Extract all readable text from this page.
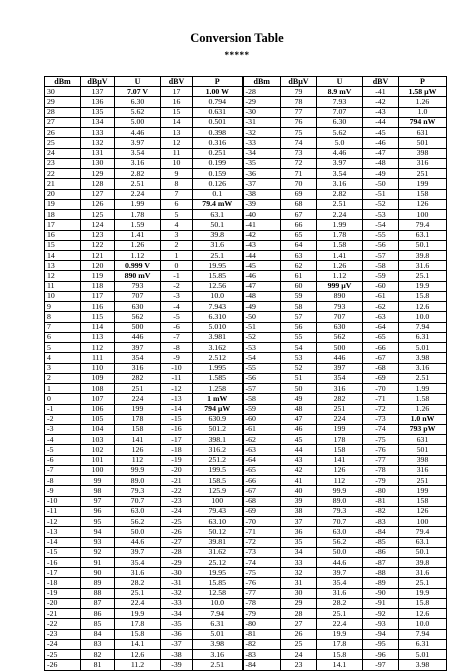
Conversion Table
*****
dBm	dBµV	U	dBV	P	dBm	dBµV	U	dBV	P
30	137	7.07 V	17	1.00 W	-28	79	8.9 mV	-41	1.58 µW
29	136	6.30	16	0.794	-29	78	7.93	-42	1.26
28	135	5.62	15	0.631	-30	77	7.07	-43	1.0
27	134	5.00	14	0.501	-31	76	6.30	-44	794 nW
26	133	4.46	13	0.398	-32	75	5.62	-45	631
25	132	3.97	12	0.316	-33	74	5.0	-46	501
24	131	3.54	11	0.251	-34	73	4.46	-47	398
23	130	3.16	10	0.199	-35	72	3.97	-48	316
22	129	2.82	9	0.159	-36	71	3.54	-49	251
21	128	2.51	8	0.126	-37	70	3.16	-50	199
20	127	2.24	7	0.1	-38	69	2.82	-51	158
19	126	1.99	6	79.4 mW	-39	68	2.51	-52	126
18	125	1.78	5	63.1	-40	67	2.24	-53	100
17	124	1.59	4	50.1	-41	66	1.99	-54	79.4
16	123	1.41	3	39.8	-42	65	1.78	-55	63.1
15	122	1.26	2	31.6	-43	64	1.58	-56	50.1
14	121	1.12	1	25.1	-44	63	1.41	-57	39.8
13	120	0.999 V	0	19.95	-45	62	1.26	-58	31.6
12	119	890 mV	-1	15.85	-46	61	1.12	-59	25.1
11	118	793	-2	12.56	-47	60	999 µV	-60	19.9
10	117	707	-3	10.0	-48	59	890	-61	15.8
9	116	630	-4	7.943	-49	58	793	-62	12.6
8	115	562	-5	6.310	-50	57	707	-63	10.0
7	114	500	-6	5.010	-51	56	630	-64	7.94
6	113	446	-7	3.981	-52	55	562	-65	6.31
5	112	397	-8	3.162	-53	54	500	-66	5.01
4	111	354	-9	2.512	-54	53	446	-67	3.98
3	110	316	-10	1.995	-55	52	397	-68	3.16
2	109	282	-11	1.585	-56	51	354	-69	2.51
1	108	251	-12	1.258	-57	50	316	-70	1.99
0	107	224	-13	1 mW	-58	49	282	-71	1.58
-1	106	199	-14	794 µW	-59	48	251	-72	1.26
-2	105	178	-15	630.9	-60	47	224	-73	1.0 nW
-3	104	158	-16	501.2	-61	46	199	-74	793 pW
-4	103	141	-17	398.1	-62	45	178	-75	631
-5	102	126	-18	316.2	-63	44	158	-76	501
-6	101	112	-19	251.2	-64	43	141	-77	398
-7	100	99.9	-20	199.5	-65	42	126	-78	316
-8	99	89.0	-21	158.5	-66	41	112	-79	251
-9	98	79.3	-22	125.9	-67	40	99.9	-80	199
-10	97	70.7	-23	100	-68	39	89.0	-81	158
-11	96	63.0	-24	79.43	-69	38	79.3	-82	126
-12	95	56.2	-25	63.10	-70	37	70.7	-83	100
-13	94	50.0	-26	50.12	-71	36	63.0	-84	79.4
-14	93	44.6	-27	39.81	-72	35	56.2	-85	63.1
-15	92	39.7	-28	31.62	-73	34	50.0	-86	50.1
-16	91	35.4	-29	25.12	-74	33	44.6	-87	39.8
-17	90	31.6	-30	19.95	-75	32	39.7	-88	31.6
-18	89	28.2	-31	15.85	-76	31	35.4	-89	25.1
-19	88	25.1	-32	12.58	-77	30	31.6	-90	19.9
-20	87	22.4	-33	10.0	-78	29	28.2	-91	15.8
-21	86	19.9	-34	7.94	-79	28	25.1	-92	12.6
-22	85	17.8	-35	6.31	-80	27	22.4	-93	10.0
-23	84	15.8	-36	5.01	-81	26	19.9	-94	7.94
-24	83	14.1	-37	3.98	-82	25	17.8	-95	6.31
-25	82	12.6	-38	3.16	-83	24	15.8	-96	5.01
-26	81	11.2	-39	2.51	-84	23	14.1	-97	3.98
